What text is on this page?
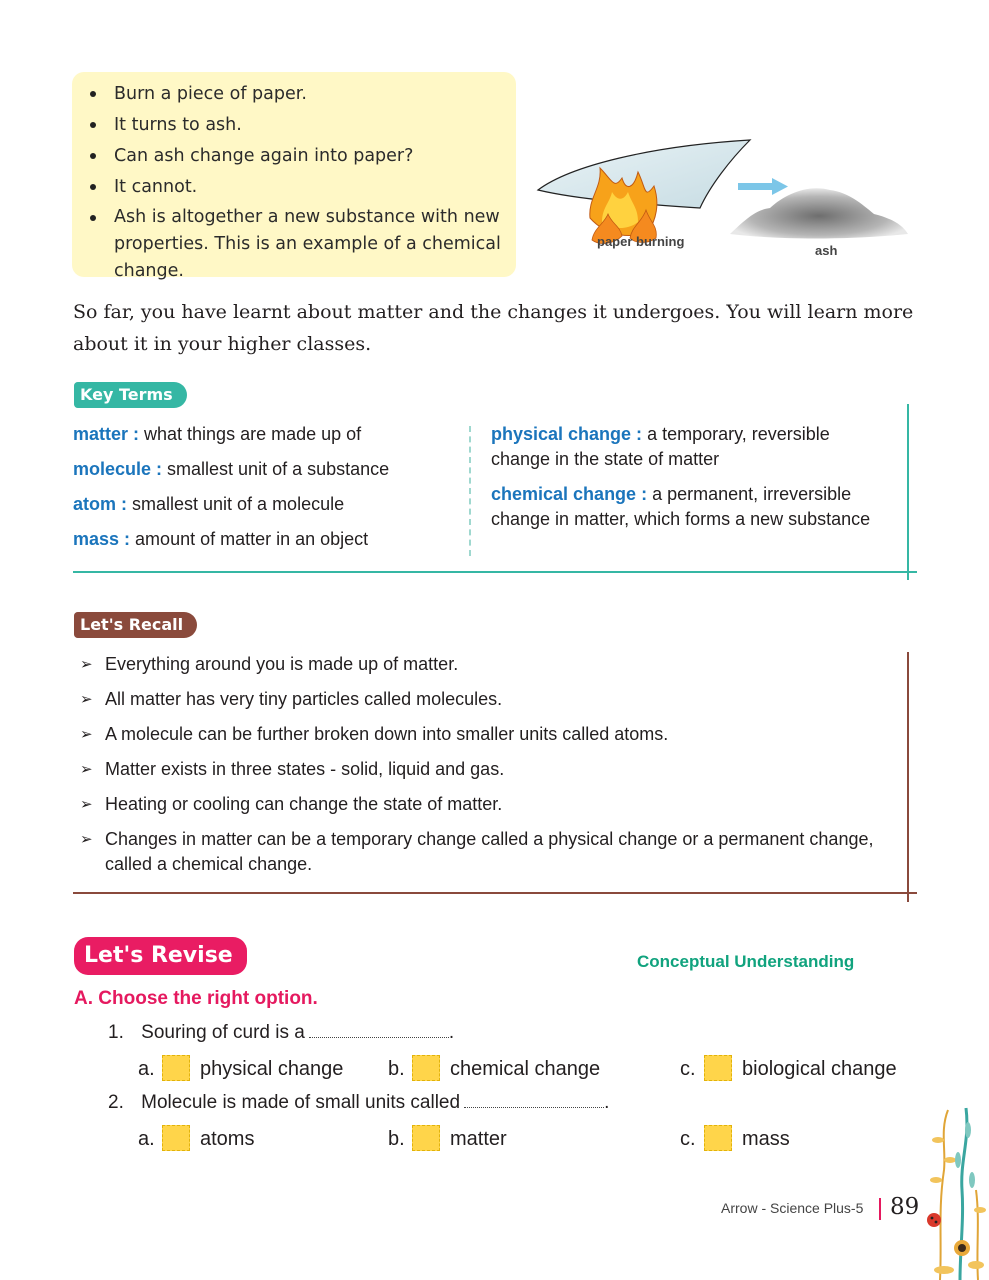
Burn a piece of paper.
It turns to ash.
Can ash change again into paper?
It cannot.
Ash is altogether a new substance with new properties. This is an example of a chemical change.
paper burning
ash

So far, you have learnt about matter and the changes it undergoes. You will learn more about it in your higher classes.

Key Terms
matter : what things are made up of
molecule : smallest unit of a substance
atom : smallest unit of a molecule
mass : amount of matter in an object
physical change : a temporary, reversible change in the state of matter
chemical change : a permanent, irreversible change in matter, which forms a new substance
Let's Recall
➢ Everything around you is made up of matter.
➢ All matter has very tiny particles called molecules.
➢ A molecule can be further broken down into smaller units called atoms.
➢ Matter exists in three states - solid, liquid and gas.
➢ Heating or cooling can change the state of matter.
➢ Changes in matter can be a temporary change called a physical change or a permanent change, called a chemical change.
Let's Revise	Conceptual Understanding
A. Choose the right option.
1. Souring of curd is a	.
a. physical change b. chemical change	c. biological change
2. Molecule is made of small units called	.
a. atoms	b. matter	c. mass
Arrow - Science Plus-5 89
